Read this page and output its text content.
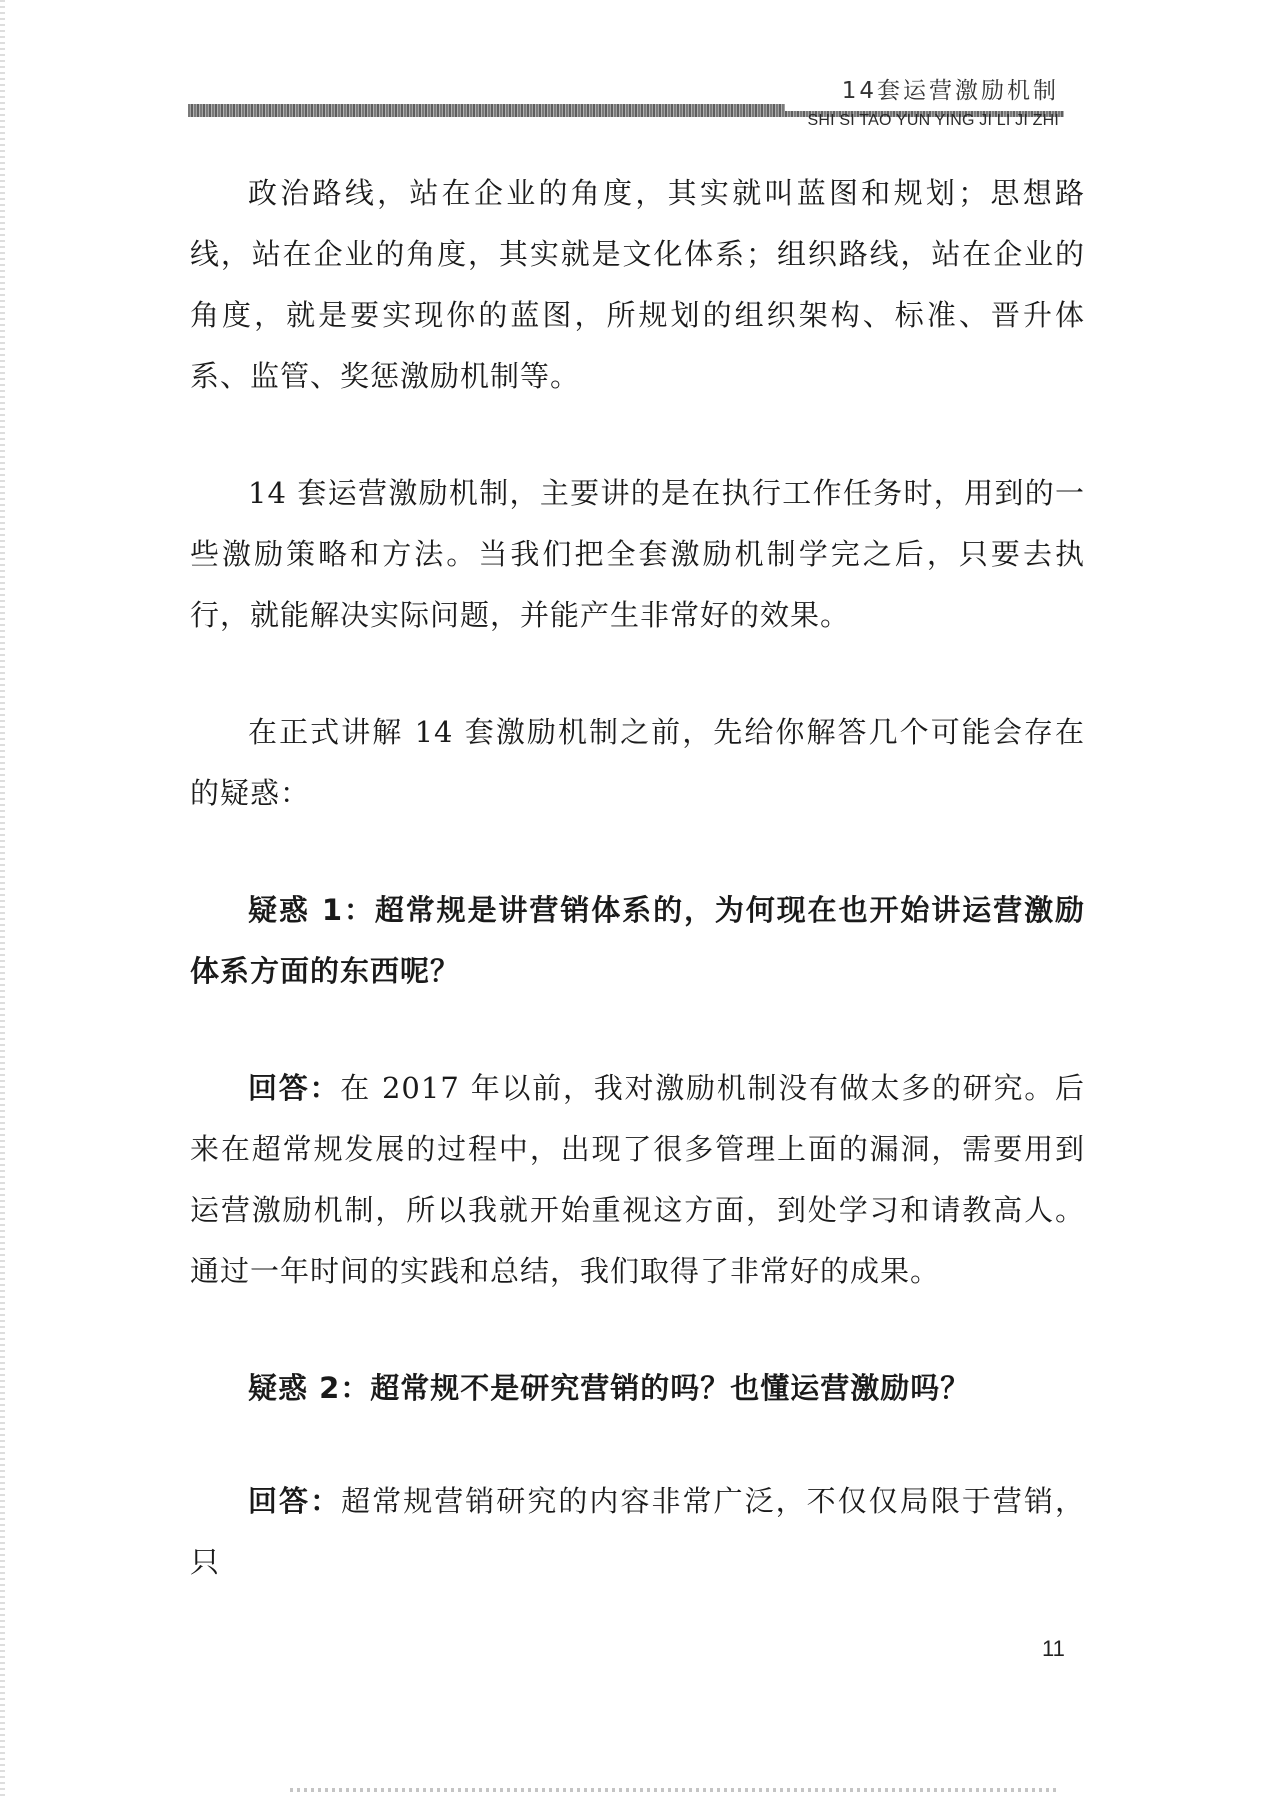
14套运营激励机制
SHI SI TAO YUN YING JI LI JI ZHI

政治路线，站在企业的角度，其实就叫蓝图和规划；思想路线，站在企业的角度，其实就是文化体系；组织路线，站在企业的角度，就是要实现你的蓝图，所规划的组织架构、标准、晋升体系、监管、奖惩激励机制等。

14 套运营激励机制，主要讲的是在执行工作任务时，用到的一些激励策略和方法。当我们把全套激励机制学完之后，只要去执行，就能解决实际问题，并能产生非常好的效果。

在正式讲解 14 套激励机制之前，先给你解答几个可能会存在的疑惑：

疑惑 1：超常规是讲营销体系的，为何现在也开始讲运营激励体系方面的东西呢？

回答：在 2017 年以前，我对激励机制没有做太多的研究。后来在超常规发展的过程中，出现了很多管理上面的漏洞，需要用到运营激励机制，所以我就开始重视这方面，到处学习和请教高人。通过一年时间的实践和总结，我们取得了非常好的成果。

疑惑 2：超常规不是研究营销的吗？也懂运营激励吗？

回答：超常规营销研究的内容非常广泛，不仅仅局限于营销，只

11
